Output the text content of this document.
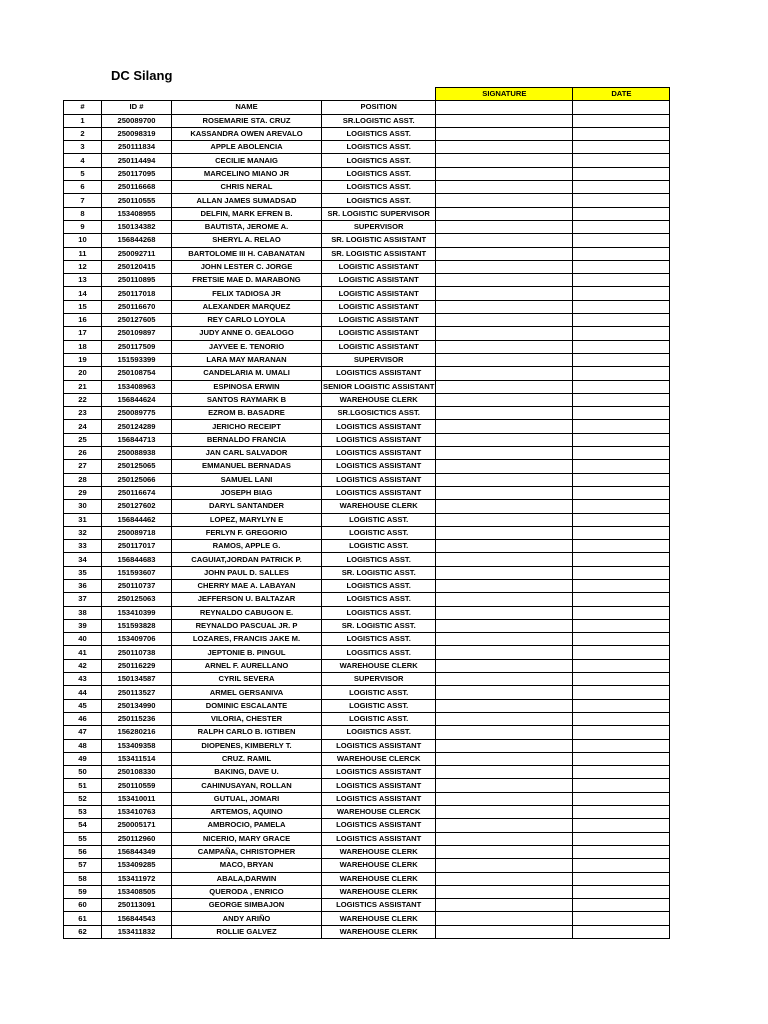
DC Silang
				SIGNATURE	DATE
#	ID #	NAME	POSITION		
1	250089700	ROSEMARIE STA. CRUZ	SR.LOGISTIC ASST.		
2	250098319	KASSANDRA OWEN AREVALO	LOGISTICS ASST.		
3	250111834	APPLE ABOLENCIA	LOGISTICS ASST.		
4	250114494	CECILIE MANAIG	LOGISTICS ASST.		
5	250117095	MARCELINO MIANO JR	LOGISTICS ASST.		
6	250116668	CHRIS NERAL	LOGISTICS ASST.		
7	250110555	ALLAN JAMES SUMADSAD	LOGISTICS ASST.		
8	153408955	DELFIN, MARK EFREN B.	SR. LOGISTIC SUPERVISOR		
9	150134382	BAUTISTA, JEROME A.	SUPERVISOR		
10	156844268	SHERYL A. RELAO	SR. LOGISTIC ASSISTANT		
11	250092711	BARTOLOME III H. CABANATAN	SR. LOGISTIC ASSISTANT		
12	250120415	JOHN LESTER C. JORGE	LOGISTIC ASSISTANT		
13	250110895	FRETSIE MAE D. MARABONG	LOGISTIC ASSISTANT		
14	250117018	FELIX TADIOSA JR	LOGISTIC ASSISTANT		
15	250116670	ALEXANDER MARQUEZ	LOGISTIC ASSISTANT		
16	250127605	REY CARLO LOYOLA	LOGISTIC ASSISTANT		
17	250109897	JUDY ANNE O. GEALOGO	LOGISTIC ASSISTANT		
18	250117509	JAYVEE E. TENORIO	LOGISTIC ASSISTANT		
19	151593399	LARA MAY MARANAN	SUPERVISOR		
20	250108754	CANDELARIA M. UMALI	LOGISTICS ASSISTANT		
21	153408963	ESPINOSA ERWIN	SENIOR LOGISTIC ASSISTANT		
22	156844624	SANTOS RAYMARK B	WAREHOUSE CLERK		
23	250089775	EZROM B. BASADRE	SR.LGOSICTICS ASST.		
24	250124289	JERICHO RECEIPT	LOGISTICS ASSISTANT		
25	156844713	BERNALDO FRANCIA	LOGISTICS ASSISTANT		
26	250088938	JAN CARL SALVADOR	LOGISTICS ASSISTANT		
27	250125065	EMMANUEL BERNADAS	LOGISTICS ASSISTANT		
28	250125066	SAMUEL LANI	LOGISTICS ASSISTANT		
29	250116674	JOSEPH BIAG	LOGISTICS ASSISTANT		
30	250127602	DARYL SANTANDER	WAREHOUSE CLERK		
31	156844462	LOPEZ, MARYLYN E	LOGISTIC ASST.		
32	250089718	FERLYN F. GREGORIO	LOGISTIC ASST.		
33	250117017	RAMOS, APPLE G.	LOGISTIC ASST.		
34	156844683	CAGUIAT,JORDAN PATRICK P.	LOGISTICS ASST.		
35	151593607	JOHN PAUL D. SALLES	SR. LOGISTIC ASST.		
36	250110737	CHERRY MAE A. LABAYAN	LOGISTICS ASST.		
37	250125063	JEFFERSON U. BALTAZAR	LOGISTICS ASST.		
38	153410399	REYNALDO CABUGON E.	LOGISTICS ASST.		
39	151593828	REYNALDO PASCUAL JR. P	SR. LOGISTIC ASST.		
40	153409706	LOZARES, FRANCIS JAKE M.	LOGISTICS ASST.		
41	250110738	JEPTONIE B. PINGUL	LOGSITICS ASST.		
42	250116229	ARNEL F. AURELLANO	WAREHOUSE CLERK		
43	150134587	CYRIL SEVERA	SUPERVISOR		
44	250113527	ARMEL GERSANIVA	LOGISTIC ASST.		
45	250134990	DOMINIC ESCALANTE	LOGISTIC ASST.		
46	250115236	VILORIA, CHESTER	LOGISTIC ASST.		
47	156280216	RALPH CARLO B. IGTIBEN	LOGISTICS ASST.		
48	153409358	DIOPENES, KIMBERLY T.	LOGISTICS ASSISTANT		
49	153411514	CRUZ. RAMIL	WAREHOUSE CLERCK		
50	250108330	BAKING, DAVE U.	LOGISTICS ASSISTANT		
51	250110559	CAHINUSAYAN, ROLLAN	LOGISTICS ASSISTANT		
52	153410011	GUTUAL, JOMARI	LOGISTICS ASSISTANT		
53	153410763	ARTEMOS, AQUINO	WAREHOUSE CLERCK		
54	250005171	AMBROCIO, PAMELA	LOGISTICS ASSISTANT		
55	250112960	NICERIO, MARY GRACE	LOGISTICS ASSISTANT		
56	156844349	CAMPAÑA, CHRISTOPHER	WAREHOUSE CLERK		
57	153409285	MACO, BRYAN	WAREHOUSE CLERK		
58	153411972	ABALA,DARWIN	WAREHOUSE CLERK		
59	153408505	QUERODA , ENRICO	WAREHOUSE CLERK		
60	250113091	GEORGE SIMBAJON	LOGISTICS ASSISTANT		
61	156844543	ANDY ARIÑO	WAREHOUSE CLERK		
62	153411832	ROLLIE GALVEZ	WAREHOUSE CLERK		
